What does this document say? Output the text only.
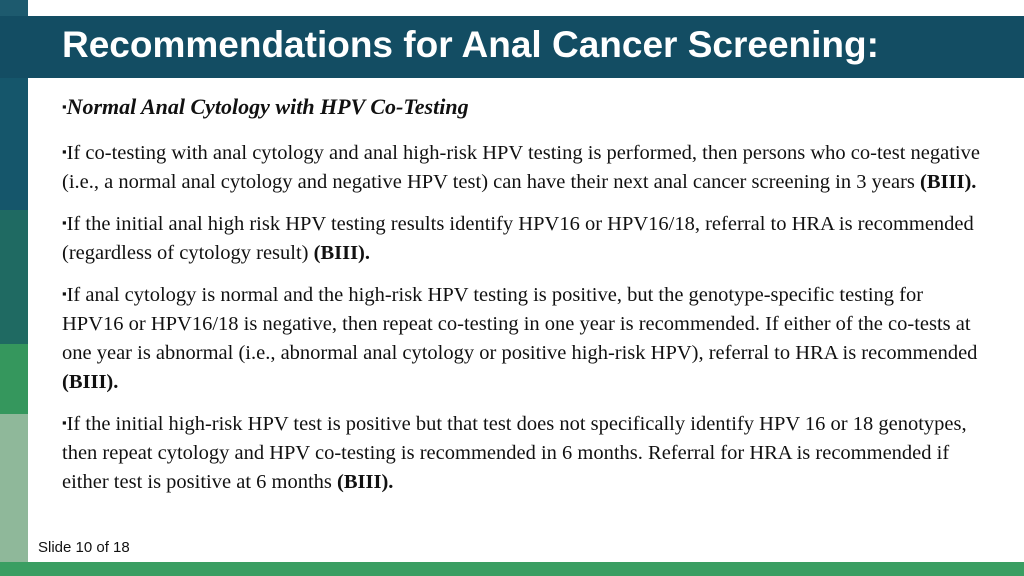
Recommendations for Anal Cancer Screening:

▪Normal Anal Cytology with HPV Co-Testing

▪If co-testing with anal cytology and anal high-risk HPV testing is performed, then persons who co-test negative (i.e., a normal anal cytology and negative HPV test) can have their next anal cancer screening in 3 years (BIII).

▪If the initial anal high risk HPV testing results identify HPV16 or HPV16/18, referral to HRA is recommended (regardless of cytology result) (BIII).

▪If anal cytology is normal and the high-risk HPV testing is positive, but the genotype-specific testing for HPV16 or HPV16/18 is negative, then repeat co-testing in one year is recommended. If either of the co-tests at one year is abnormal (i.e., abnormal anal cytology or positive high-risk HPV), referral to HRA is recommended (BIII).

▪If the initial high-risk HPV test is positive but that test does not specifically identify HPV 16 or 18 genotypes, then repeat cytology and HPV co-testing is recommended in 6 months. Referral for HRA is recommended if either test is positive at 6 months (BIII).

Slide 10 of 18
